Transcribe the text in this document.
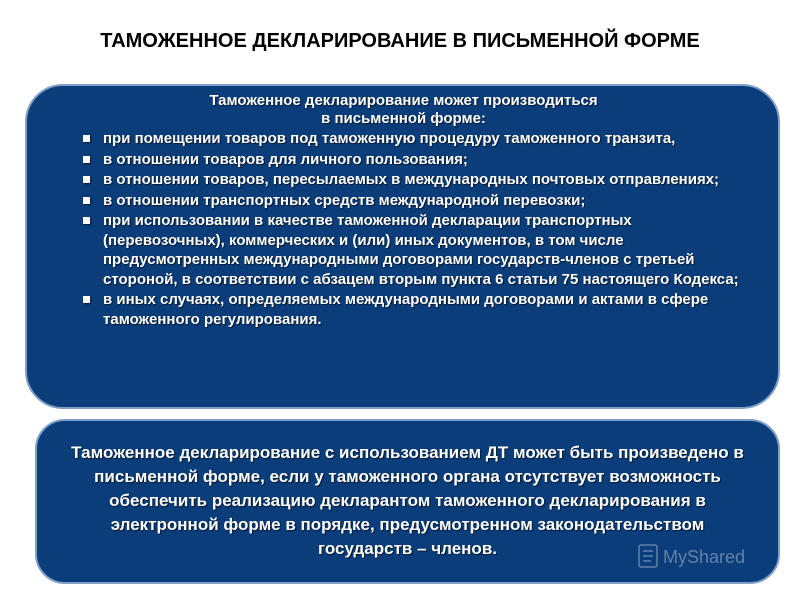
ТАМОЖЕННОЕ ДЕКЛАРИРОВАНИЕ В ПИСЬМЕННОЙ ФОРМЕ
Таможенное декларирование может производиться
в письменной форме:
при помещении товаров под таможенную процедуру таможенного транзита,
в отношении товаров для личного пользования;
в отношении товаров, пересылаемых в международных почтовых отправлениях;
в отношении транспортных средств международной перевозки;
при использовании в качестве таможенной декларации транспортных (перевозочных), коммерческих и (или) иных документов, в том числе предусмотренных международными договорами государств-членов с третьей стороной, в соответствии с абзацем вторым пункта 6 статьи 75 настоящего Кодекса;
в иных случаях, определяемых международными договорами и актами в сфере таможенного регулирования.
Таможенное декларирование с использованием ДТ может быть произведено в письменной форме, если у таможенного органа отсутствует возможность обеспечить реализацию декларантом таможенного декларирования в электронной форме в порядке, предусмотренном законодательством государств – членов.	MyShared
